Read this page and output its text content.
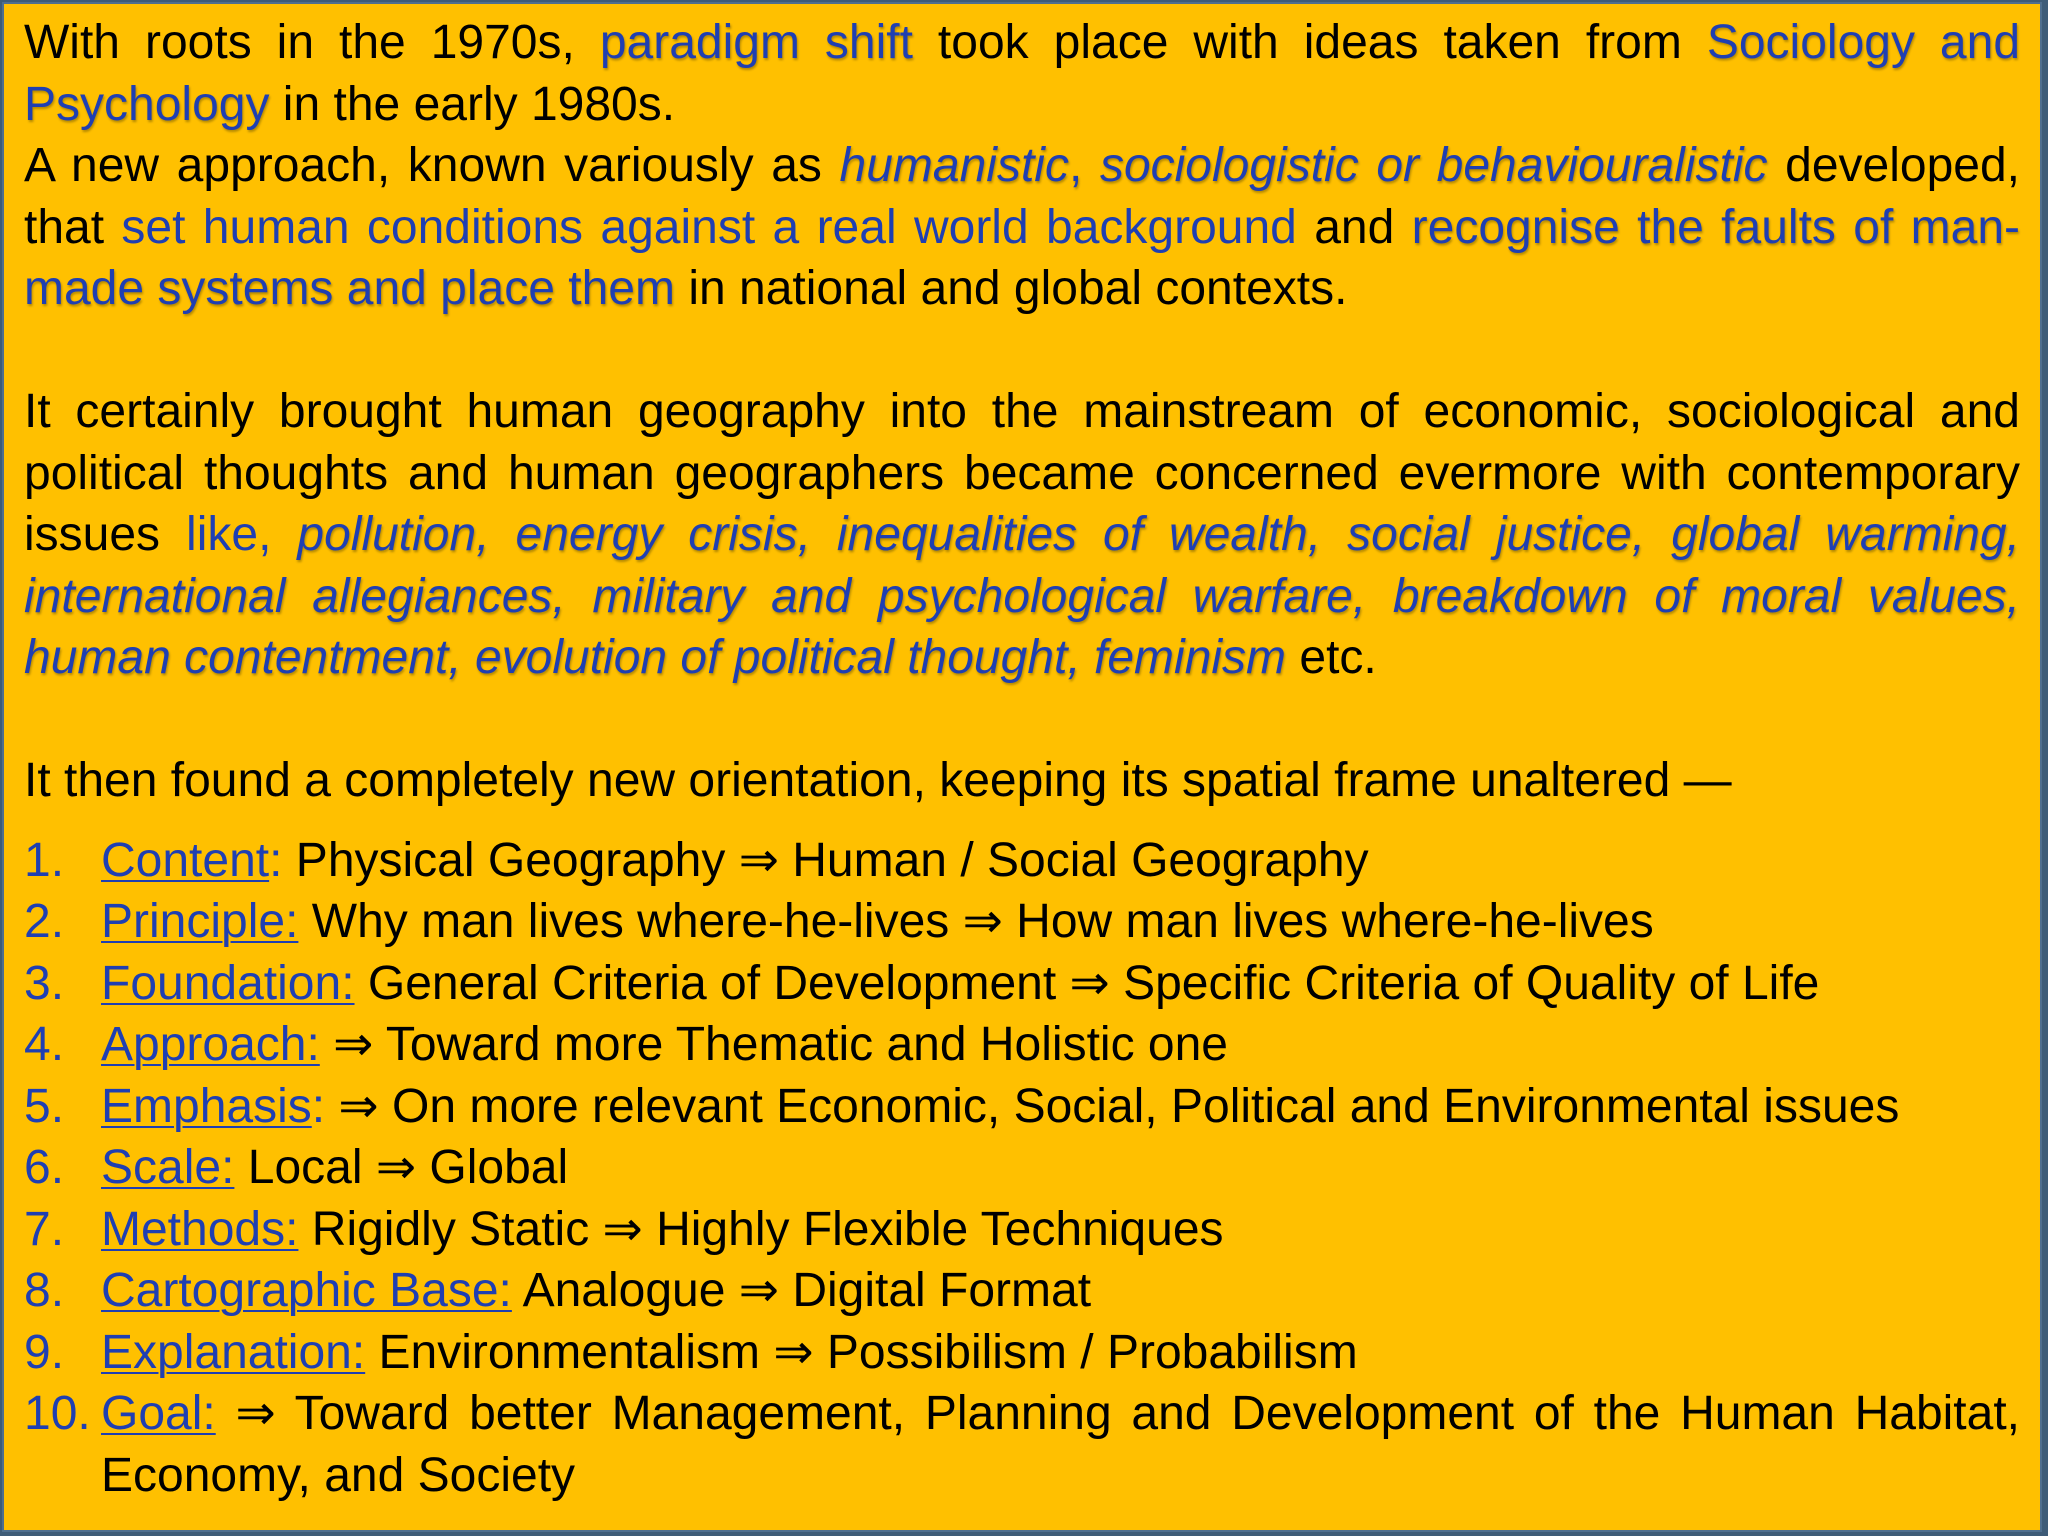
With roots in the 1970s, paradigm shift took place with ideas taken from Sociology and Psychology in the early 1980s.

A new approach, known variously as humanistic, sociologistic or behaviouralistic developed, that set human conditions against a real world background and recognise the faults of man-made systems and place them in national and global contexts.

It certainly brought human geography into the mainstream of economic, sociological and political thoughts and human geographers became concerned evermore with contemporary issues like, pollution, energy crisis, inequalities of wealth, social justice, global warming, international allegiances, military and psychological warfare, breakdown of moral values, human contentment, evolution of political thought, feminism etc.

It then found a completely new orientation, keeping its spatial frame unaltered —

1. Content: Physical Geography ⇒ Human / Social Geography
2. Principle: Why man lives where-he-lives ⇒ How man lives where-he-lives
3. Foundation: General Criteria of Development ⇒ Specific Criteria of Quality of Life
4. Approach: ⇒ Toward more Thematic and Holistic one
5. Emphasis: ⇒ On more relevant Economic, Social, Political and Environmental issues
6. Scale: Local ⇒ Global
7. Methods: Rigidly Static ⇒ Highly Flexible Techniques
8. Cartographic Base: Analogue ⇒ Digital Format
9. Explanation: Environmentalism ⇒ Possibilism / Probabilism
10. Goal: ⇒ Toward better Management, Planning and Development of the Human Habitat, Economy, and Society
